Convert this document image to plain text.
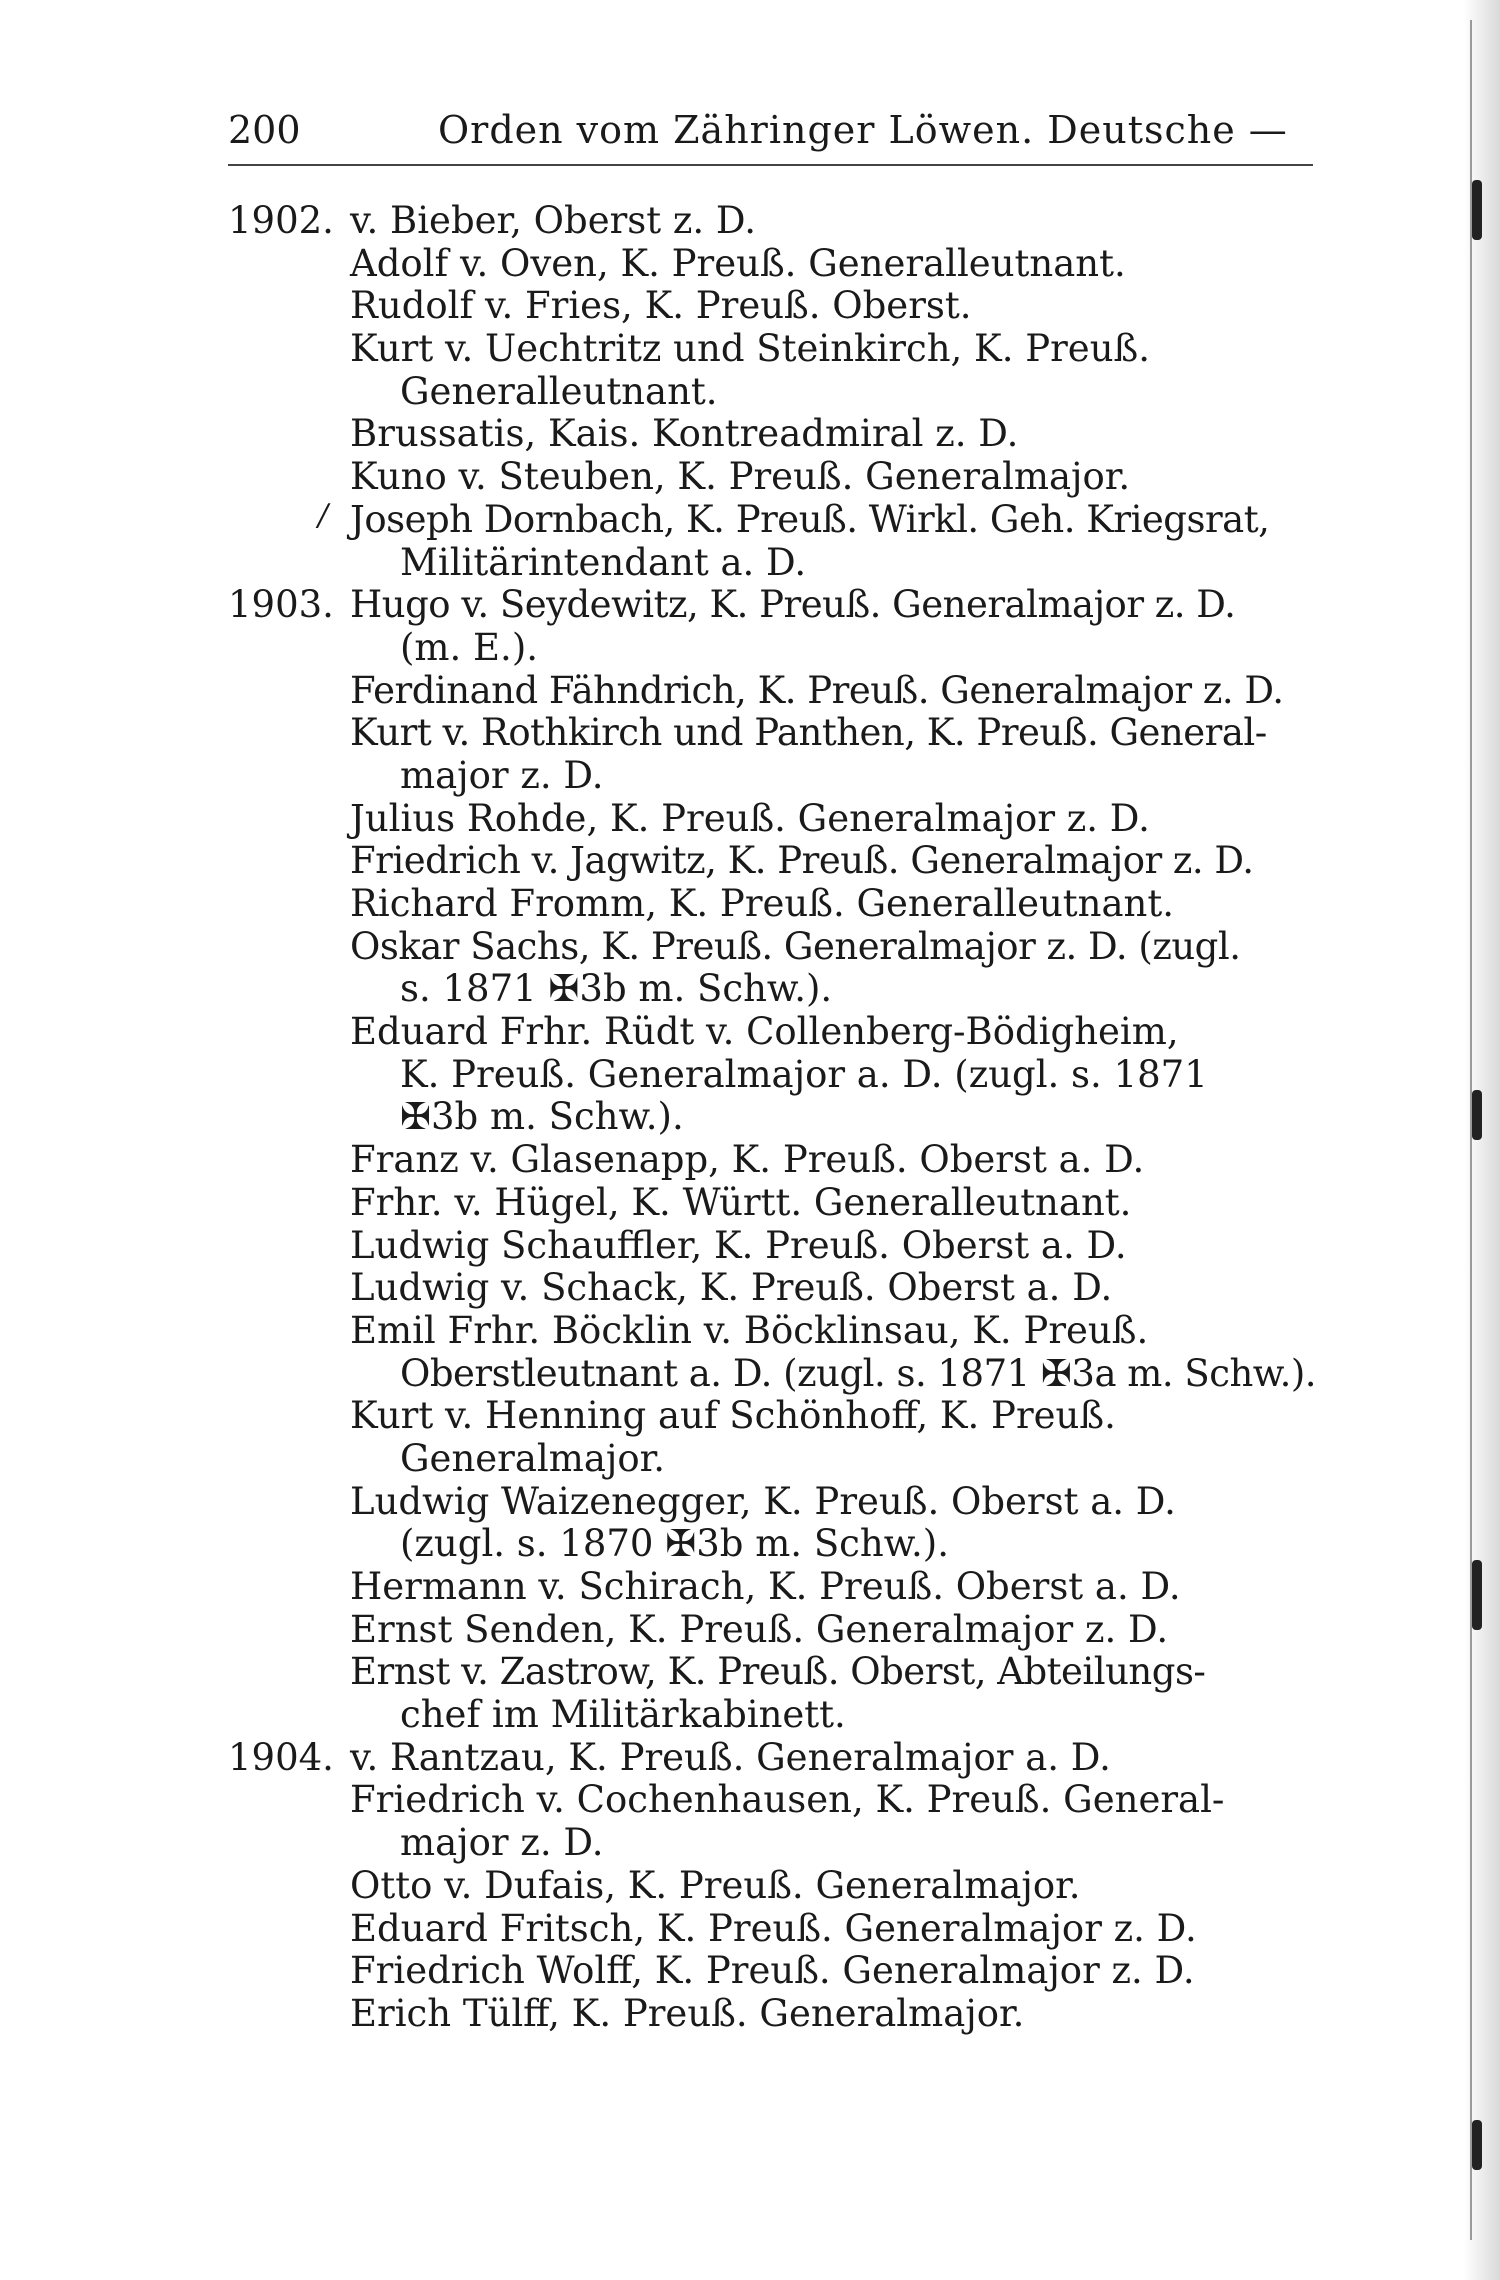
200	Orden vom Zähringer Löwen. Deutsche —
/
1902. v. Bieber, Oberst z. D.
Adolf v. Oven, K. Preuß. Generalleutnant.
Rudolf v. Fries, K. Preuß. Oberst.
Kurt v. Uechtritz und Steinkirch, K. Preuß.
Generalleutnant.
Brussatis, Kais. Kontreadmiral z. D.
Kuno v. Steuben, K. Preuß. Generalmajor.
Joseph Dornbach, K. Preuß. Wirkl. Geh. Kriegsrat,
Militärintendant a. D.
1903. Hugo v. Seydewitz, K. Preuß. Generalmajor z. D.
(m. E.).
Ferdinand Fähndrich, K. Preuß. Generalmajor z. D.
Kurt v. Rothkirch und Panthen, K. Preuß. General-
major z. D.
Julius Rohde, K. Preuß. Generalmajor z. D.
Friedrich v. Jagwitz, K. Preuß. Generalmajor z. D.
Richard Fromm, K. Preuß. Generalleutnant.
Oskar Sachs, K. Preuß. Generalmajor z. D. (zugl.
s. 1871 ✠3b m. Schw.).
Eduard Frhr. Rüdt v. Collenberg-Bödigheim,
K. Preuß. Generalmajor a. D. (zugl. s. 1871
✠3b m. Schw.).
Franz v. Glasenapp, K. Preuß. Oberst a. D.
Frhr. v. Hügel, K. Württ. Generalleutnant.
Ludwig Schauffler, K. Preuß. Oberst a. D.
Ludwig v. Schack, K. Preuß. Oberst a. D.
Emil Frhr. Böcklin v. Böcklinsau, K. Preuß.
Oberstleutnant a. D. (zugl. s. 1871 ✠3a m. Schw.).
Kurt v. Henning auf Schönhoff, K. Preuß.
Generalmajor.
Ludwig Waizenegger, K. Preuß. Oberst a. D.
(zugl. s. 1870 ✠3b m. Schw.).
Hermann v. Schirach, K. Preuß. Oberst a. D.
Ernst Senden, K. Preuß. Generalmajor z. D.
Ernst v. Zastrow, K. Preuß. Oberst, Abteilungs-
chef im Militärkabinett.
1904. v. Rantzau, K. Preuß. Generalmajor a. D.
Friedrich v. Cochenhausen, K. Preuß. General-
major z. D.
Otto v. Dufais, K. Preuß. Generalmajor.
Eduard Fritsch, K. Preuß. Generalmajor z. D.
Friedrich Wolff, K. Preuß. Generalmajor z. D.
Erich Tülff, K. Preuß. Generalmajor.
